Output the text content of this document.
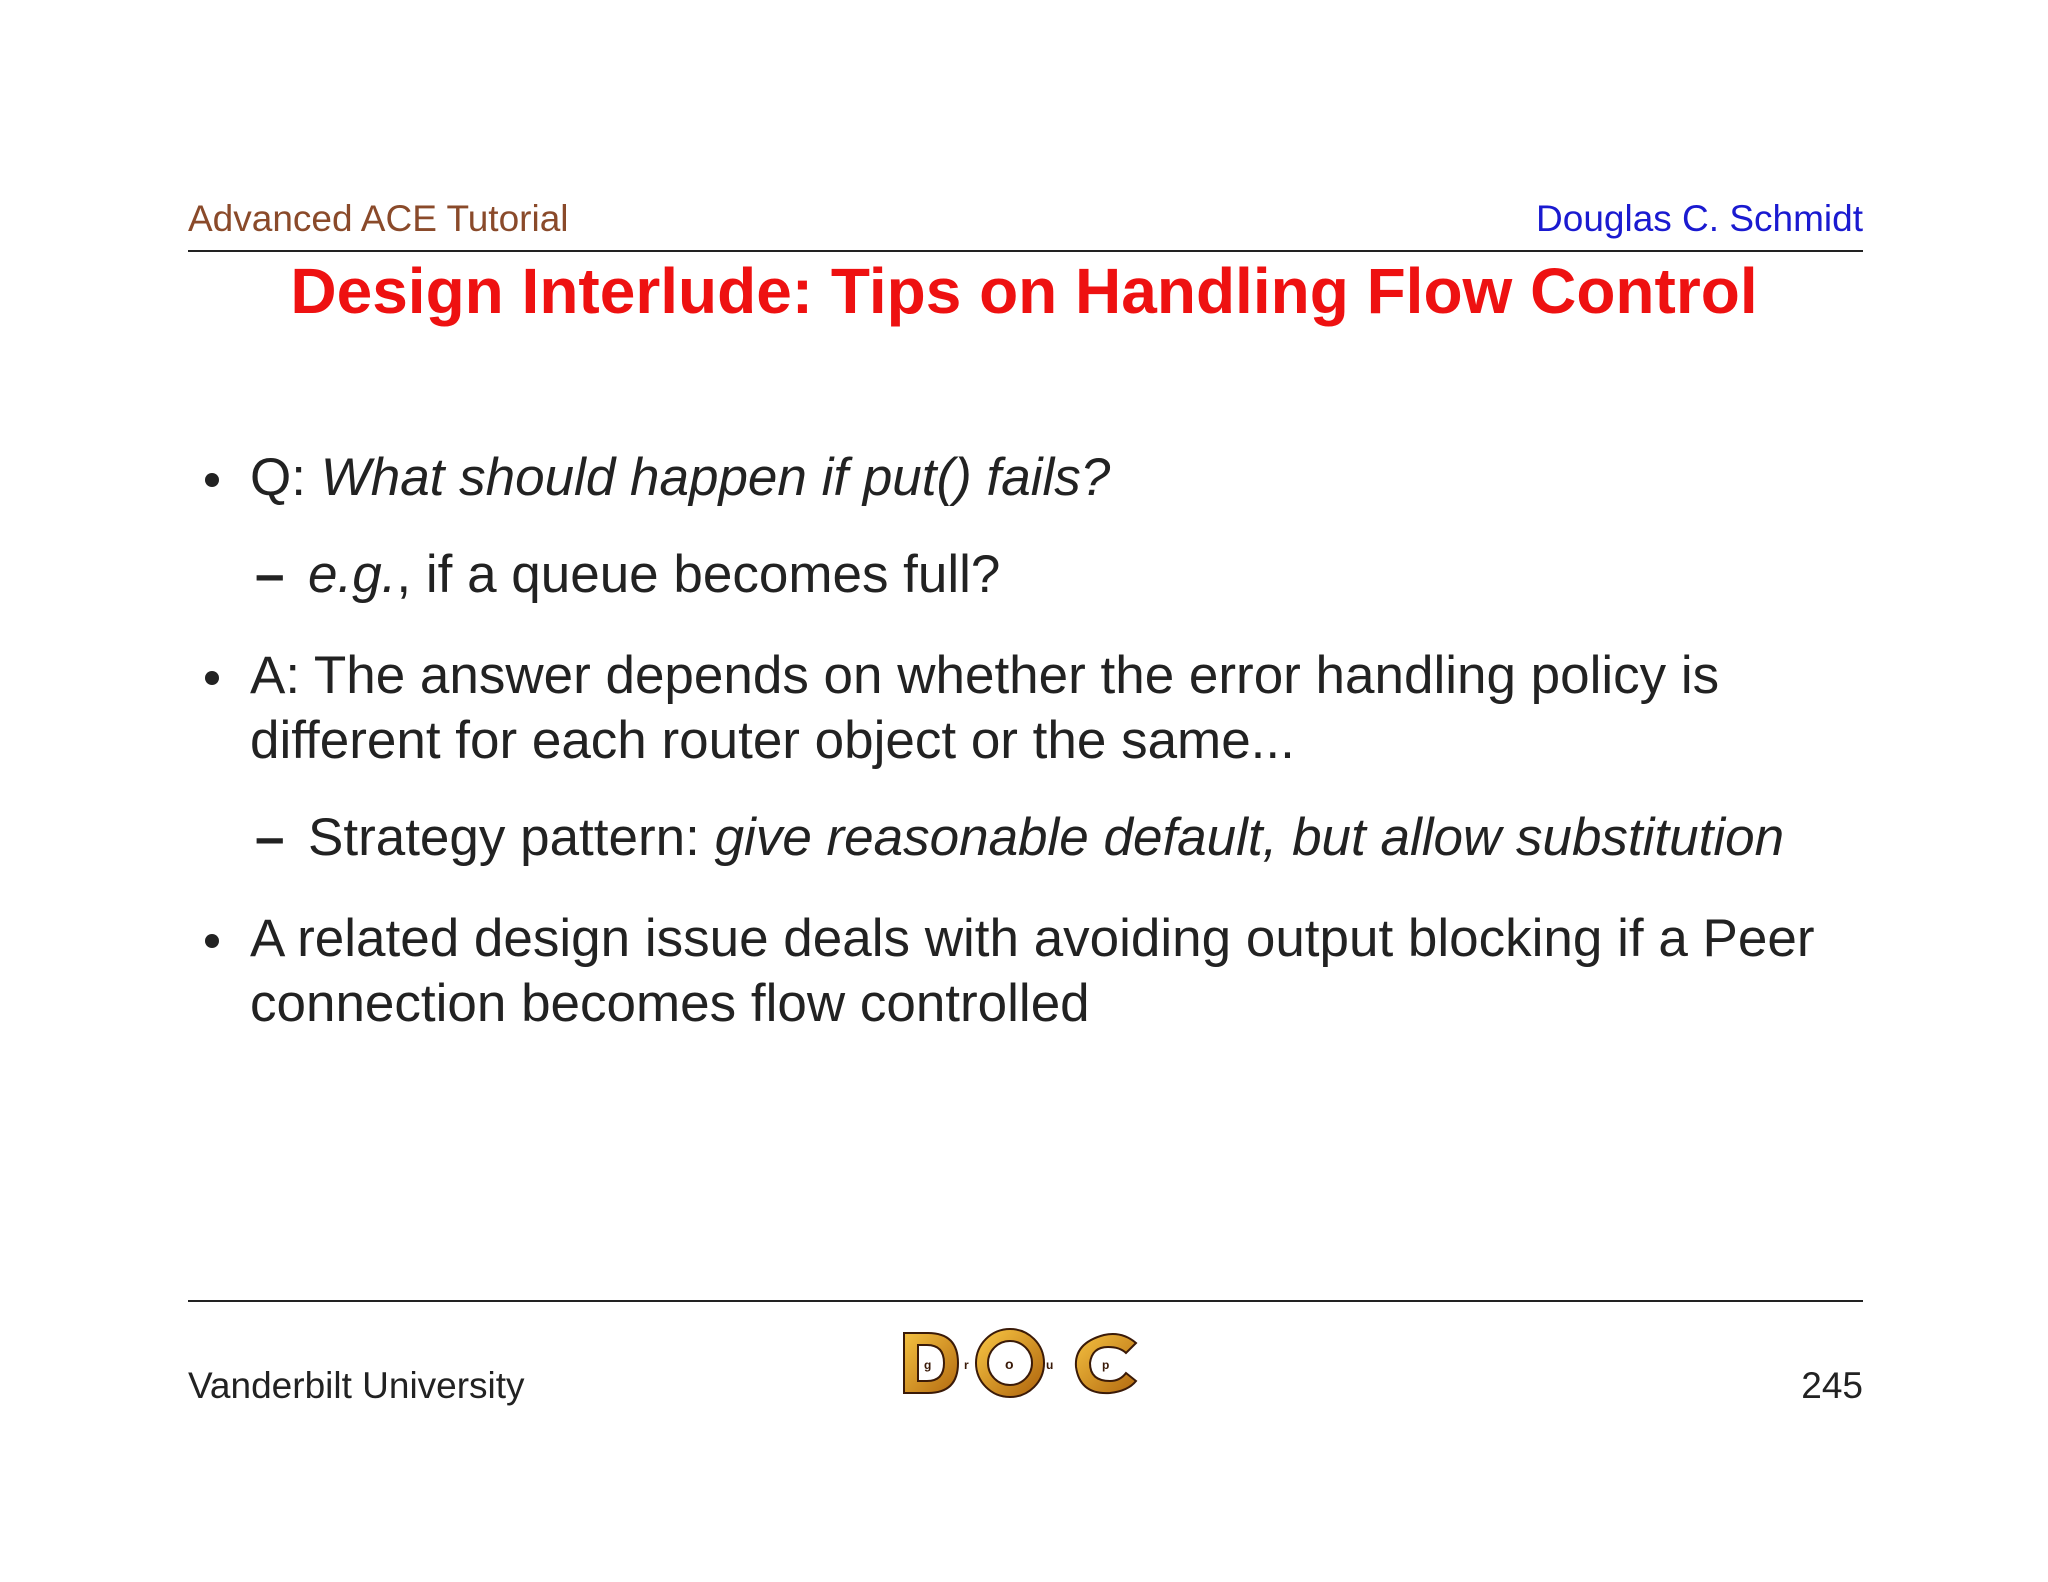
Advanced ACE Tutorial	Douglas C. Schmidt
Design Interlude: Tips on Handling Flow Control
Q: What should happen if put() fails?
– e.g., if a queue becomes full?
A: The answer depends on whether the error handling policy is different for each router object or the same...
– Strategy pattern: give reasonable default, but allow substitution
A related design issue deals with avoiding output blocking if a Peer connection becomes flow controlled
Vanderbilt University	245
g	r	o	u	p
